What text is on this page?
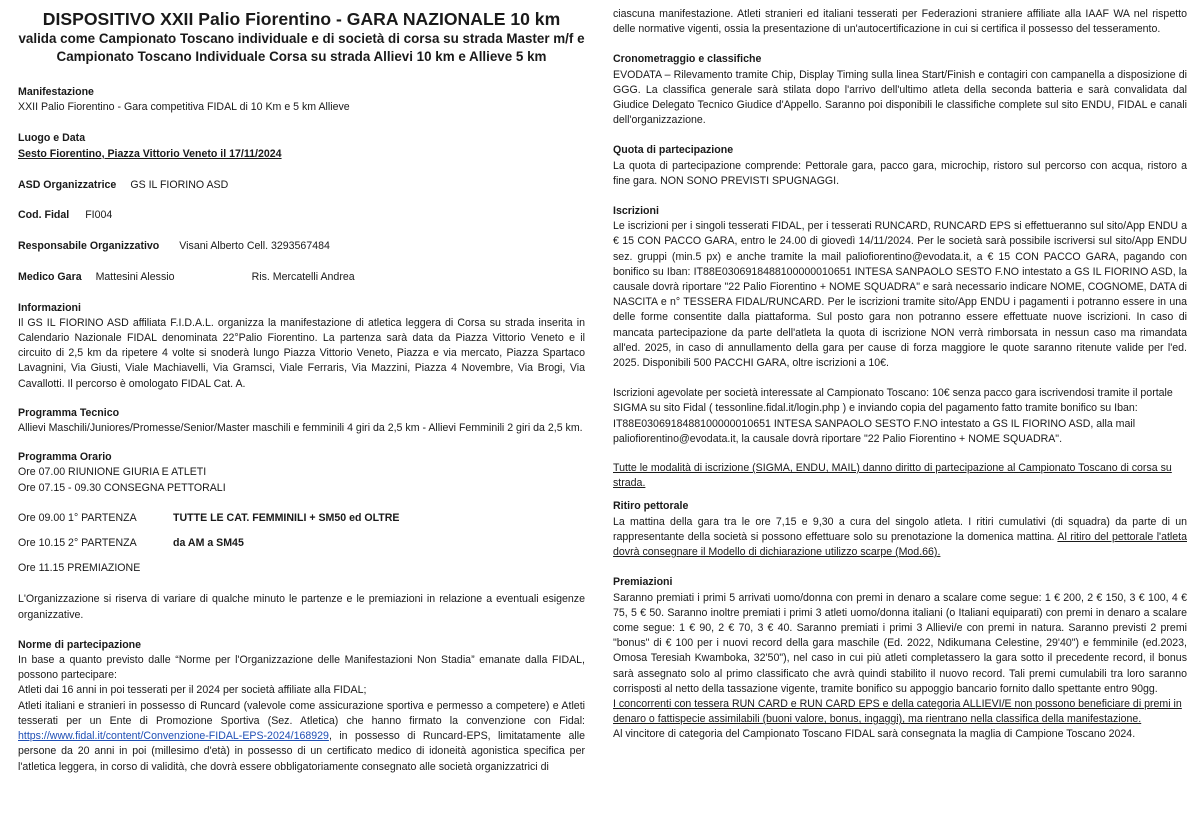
DISPOSITIVO XXII Palio Fiorentino - GARA NAZIONALE 10 km

valida come Campionato Toscano individuale e di società di corsa su strada Master m/f e

Campionato Toscano Individuale Corsa su strada Allievi 10 km e Allieve 5 km

Manifestazione

XXII Palio Fiorentino - Gara competitiva FIDAL di 10 Km e 5 km Allieve

Luogo e Data

Sesto Fiorentino, Piazza Vittorio Veneto il 17/11/2024

ASD Organizzatrice GS IL FIORINO ASD
Cod. Fidal FI004
Responsabile Organizzativo Visani Alberto Cell. 3293567484
Medico Gara Mattesini Alessio	Ris. Mercatelli Andrea
Informazioni

Il GS IL FIORINO ASD affiliata F.I.D.A.L. organizza la manifestazione di atletica leggera di Corsa su strada inserita in Calendario Nazionale FIDAL denominata 22°Palio Fiorentino. La partenza sarà data da Piazza Vittorio Veneto e il circuito di 2,5 km da ripetere 4 volte si snoderà lungo Piazza Vittorio Veneto, Piazza e via mercato, Piazza Spartaco Lavagnini, Via Giusti, Viale Machiavelli, Via Gramsci, Viale Ferraris, Via Mazzini, Piazza 4 Novembre, Via Brogi, Via Cavallotti. Il percorso è omologato FIDAL Cat. A.

Programma Tecnico

Allievi Maschili/Juniores/Promesse/Senior/Master maschili e femminili 4 giri da 2,5 km - Allievi Femminili 2 giri da 2,5 km.

Programma Orario

Ore 07.00 RIUNIONE GIURIA E ATLETI

Ore 07.15 - 09.30 CONSEGNA PETTORALI

Ore 09.00 1° PARTENZA	TUTTE LE CAT. FEMMINILI + SM50 ed OLTRE
Ore 10.15 2° PARTENZA	da AM a SM45

Ore 11.15 PREMIAZIONE

L'Organizzazione si riserva di variare di qualche minuto le partenze e le premiazioni in relazione a eventuali esigenze organizzative.

Norme di partecipazione

In base a quanto previsto dalle “Norme per l'Organizzazione delle Manifestazioni Non Stadia” emanate dalla FIDAL, possono partecipare:

Atleti dai 16 anni in poi tesserati per il 2024 per società affiliate alla FIDAL;

Atleti italiani e stranieri in possesso di Runcard (valevole come assicurazione sportiva e permesso a competere) e Atleti tesserati per un Ente di Promozione Sportiva (Sez. Atletica) che hanno firmato la convenzione con Fidal: https://www.fidal.it/content/Convenzione-FIDAL-EPS-2024/168929, in possesso di Runcard-EPS, limitatamente alle persone da 20 anni in poi (millesimo d'età) in possesso di un certificato medico di idoneità agonistica specifica per l'atletica leggera, in corso di validità, che dovrà essere obbligatoriamente consegnato alle società organizzatrici di

ciascuna manifestazione. Atleti stranieri ed italiani tesserati per Federazioni straniere affiliate alla IAAF WA nel rispetto delle normative vigenti, ossia la presentazione di un'autocertificazione in cui si certifica il possesso del tesseramento.

Cronometraggio e classifiche

EVODATA – Rilevamento tramite Chip, Display Timing sulla linea Start/Finish e contagiri con campanella a disposizione di GGG. La classifica generale sarà stilata dopo l'arrivo dell'ultimo atleta della seconda batteria e sarà convalidata dal Giudice Delegato Tecnico Giudice d'Appello. Saranno poi disponibili le classifiche complete sul sito ENDU, FIDAL e canali dell'organizzazione.

Quota di partecipazione

La quota di partecipazione comprende: Pettorale gara, pacco gara, microchip, ristoro sul percorso con acqua, ristoro a fine gara. NON SONO PREVISTI SPUGNAGGI.

Iscrizioni

Le iscrizioni per i singoli tesserati FIDAL, per i tesserati RUNCARD, RUNCARD EPS si effettueranno sul sito/App ENDU a € 15 CON PACCO GARA, entro le 24.00 di giovedì 14/11/2024. Per le società sarà possibile iscriversi sul sito/App ENDU sez. gruppi (min.5 px) e anche tramite la mail paliofiorentino@evodata.it, a € 15 CON PACCO GARA, pagando con bonifico su Iban: IT88E0306918488100000010651 INTESA SANPAOLO SESTO F.NO intestato a GS IL FIORINO ASD, la causale dovrà riportare "22 Palio Fiorentino + NOME SQUADRA" e sarà necessario indicare NOME, COGNOME, DATA di NASCITA e n° TESSERA FIDAL/RUNCARD. Per le iscrizioni tramite sito/App ENDU i pagamenti i potranno essere in una delle forme consentite dalla piattaforma. Sul posto gara non potranno essere effettuate nuove iscrizioni. In caso di mancata partecipazione da parte dell'atleta la quota di iscrizione NON verrà rimborsata in nessun caso ma rimandata all'ed. 2025, in caso di annullamento della gara per cause di forza maggiore le quote saranno ritenute valide per l'ed. 2025. Disponibili 500 PACCHI GARA, oltre iscrizioni a 10€.

Iscrizioni agevolate per società interessate al Campionato Toscano: 10€ senza pacco gara iscrivendosi tramite il portale SIGMA su sito Fidal ( tessonline.fidal.it/login.php ) e inviando copia del pagamento fatto tramite bonifico su Iban: IT88E0306918488100000010651 INTESA SANPAOLO SESTO F.NO intestato a GS IL FIORINO ASD, alla mail paliofiorentino@evodata.it, la causale dovrà riportare "22 Palio Fiorentino + NOME SQUADRA".

Tutte le modalità di iscrizione (SIGMA, ENDU, MAIL) danno diritto di partecipazione al Campionato Toscano di corsa su strada.

Ritiro pettorale

La mattina della gara tra le ore 7,15 e 9,30 a cura del singolo atleta. I ritiri cumulativi (di squadra) da parte di un rappresentante della società si possono effettuare solo su prenotazione la domenica mattina. Al ritiro del pettorale l'atleta dovrà consegnare il Modello di dichiarazione utilizzo scarpe (Mod.66).

Premiazioni

Saranno premiati i primi 5 arrivati uomo/donna con premi in denaro a scalare come segue: 1 € 200, 2 € 150, 3 € 100, 4 € 75, 5 € 50. Saranno inoltre premiati i primi 3 atleti uomo/donna italiani (o Italiani equiparati) con premi in denaro a scalare come segue: 1 € 90, 2 € 70, 3 € 40. Saranno premiati i primi 3 Allievi/e con premi in natura. Saranno previsti 2 premi "bonus" di € 100 per i nuovi record della gara maschile (Ed. 2022, Ndikumana Celestine, 29'40") e femminile (ed.2023, Omosa Teresiah Kwamboka, 32'50"), nel caso in cui più atleti completassero la gara sotto il precedente record, il bonus sarà assegnato solo al primo classificato che avrà quindi stabilito il nuovo record. Tali premi cumulabili tra loro saranno corrisposti al netto della tassazione vigente, tramite bonifico su appoggio bancario fornito dallo spettante entro 90gg.

I concorrenti con tessera RUN CARD e RUN CARD EPS e della categoria ALLIEVI/E non possono beneficiare di premi in denaro o fattispecie assimilabili (buoni valore, bonus, ingaggi), ma rientrano nella classifica della manifestazione.

Al vincitore di categoria del Campionato Toscano FIDAL sarà consegnata la maglia di Campione Toscano 2024.
